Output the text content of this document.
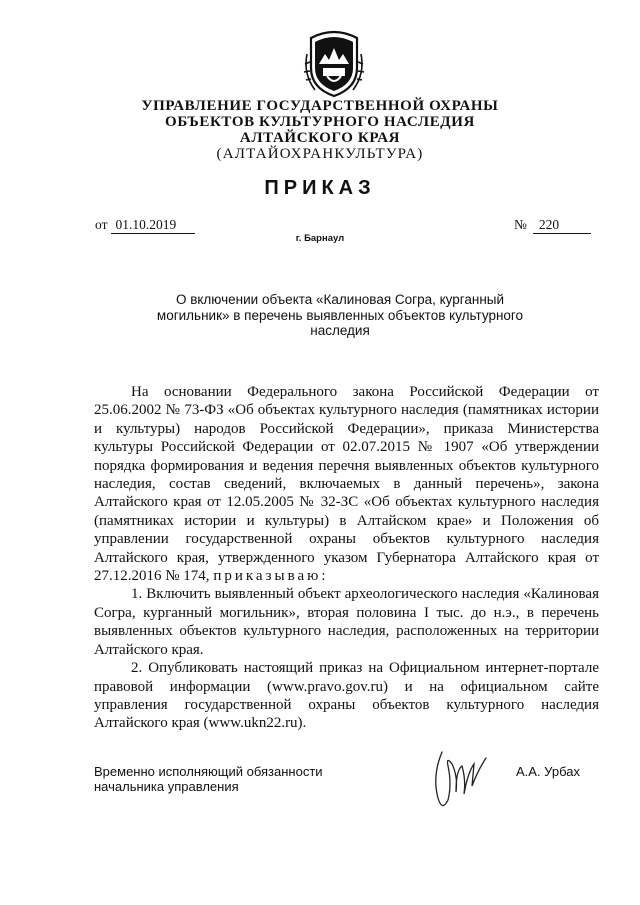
УПРАВЛЕНИЕ ГОСУДАРСТВЕННОЙ ОХРАНЫ
ОБЪЕКТОВ КУЛЬТУРНОГО НАСЛЕДИЯ
АЛТАЙСКОГО КРАЯ
(АЛТАЙОХРАНКУЛЬТУРА)
ПРИКАЗ
от 01.10.2019	№ 220
г. Барнаул
О включении объекта «Калиновая Согра, курганный
могильник» в перечень выявленных объектов культурного
наследия

На основании Федерального закона Российской Федерации от 25.06.2002 № 73-ФЗ «Об объектах культурного наследия (памятниках истории и культуры) народов Российской Федерации», приказа Министерства культуры Российской Федерации от 02.07.2015 № 1907 «Об утверждении порядка формирования и ведения перечня выявленных объектов культурного наследия, состав сведений, включаемых в данный перечень», закона Алтайского края от 12.05.2005 № 32-ЗС «Об объектах культурного наследия (памятниках истории и культуры) в Алтайском крае» и Положения об управлении государственной охраны объектов культурного наследия Алтайского края, утвержденного указом Губернатора Алтайского края от 27.12.2016 № 174, приказываю:

1. Включить выявленный объект археологического наследия «Калиновая Согра, курганный могильник», вторая половина I тыс. до н.э., в перечень выявленных объектов культурного наследия, расположенных на территории Алтайского края.

2. Опубликовать настоящий приказ на Официальном интернет-портале правовой информации (www.pravo.gov.ru) и на официальном сайте управления государственной охраны объектов культурного наследия Алтайского края (www.ukn22.ru).

Временно исполняющий обязанности
начальника управления
А.А. Урбах
